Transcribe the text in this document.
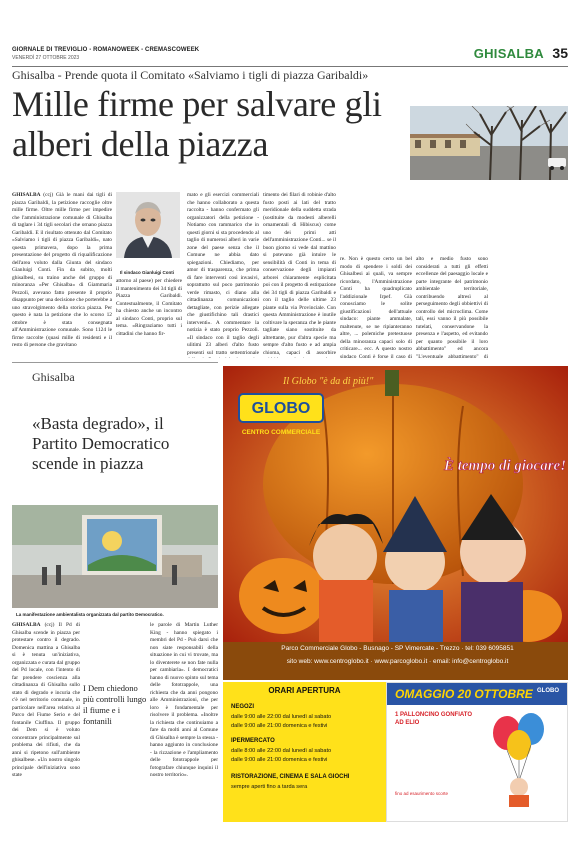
GIORNALE DI TREVIGLIO - ROMANOWEEK - CREMASCOWEEK
VENERDÌ 27 OTTOBRE 2023	GHISALBA 35
Ghisalba - Prende quota il Comitato «Salviamo i tigli di piazza Garibaldi»
Mille firme per salvare gli alberi della piazza
Il sindaco Gianluigi Conti
GHISALBA (ccj) Già le mani dai tigli di piazza Garibaldi, la petizione raccoglie oltre mille firme. Oltre mille firme per impedire che l'amministrazione comunale di Ghisalba di taglare i 34 tigli secolari che ornano piazza Garibaldi. E il risultato ottenuto dal Comitato «Salviamo i tigli di piazza Garibaldi», nato questa primavera, dopo la prima presentazione del progetto di riqualificazione dell'area voluto dalla Giunta del sindaco Gianluigi Conti. Fin da subito, molti ghisalbesi, su traino anche del gruppo di minoranza «Per Ghisalba» di Giammaria Pezzoli, avevano fatto presente il proprio disappunto per una decisione che porterebbe a uno stravolgimento della storica piazza. Per questo è nata la petizione che lo scorso 12 ottobre è stata consegnata all'Amministrazione comunale. Sono 1124 le firme raccolte (quasi mille di residenti e il resto di persone che gravitano
attorno al paese) per chiedere il mantenimento dei 34 tigli di Piazza Garibaldi. Contestualmente, il Comitato ha chiesto anche un incontro al sindaco Conti, proprio sul tema. «Ringraziamo tutti i cittadini che hanno fir-
mato e gli esercizi commerciali che hanno collaborato a questa raccolta - hanno confermato gli organizzatori della petizione - Notiamo con rammarico che in questi giorni si sta procedendo al taglio di numerosi alberi in varie zone del paese senza che il Comune ne abbia dato spiegazioni. Chiediamo, per amor di trasparenza, che prima di fare interventi così invasivi, soprattutto sul poco patrimonio verde rimasto, ci diano alla cittadinanza comunicazioni dettagliate, con perizie allegate che giustifichino tali drastici interventi». A commentare la notizia è stato proprio Pezzoli. «Il sindaco con il taglio degli ulitimi 23 alberi d'alto fusto presenti sul tratto settentrionale
timento dei filari di robinie d'alto fusto posti ai lati del tratto meridionale della suddetta strada (sostituite da modesti alberelli ornamentali di Hibiscus) come uno dei primi atti dell'amministrazione Conti... se il buon giorno si vede dal mattino si potevano già intuire le sensibilità di Conti in tema di conservazione degli impianti arborei chiaramente esplicitata poi con il progetto di estirpazione dei 34 tigli di piazza Garibaldi e con il taglio delle ultime 23 piante sulla via Provinciale. Con questa Amministrazione è inutile coltivare la speranza che le piante tagliate siano sostituite da altrettante, pur d'altra specie ma sempre d'alto fusto e ad ampia chioma, capaci di assorbire
re. Non è questo certo un bel modo di spendere i soldi dei Ghisalbesi ai quali, va sempre ricordato, l'Amministrazione Conti ha quadruplicato l'addizionale Irpef. Già conosciamo le solite giustificazioni dell'attuale sindaco: piante ammalate, maltenute, se ne ripianteranno altre, ... polemiche pretestuose della minoranza capaci solo di criticare... ecc. A questo nostro sindaco Conti è forse il caso di
alto e medio fusto sono considerati a tutti gli effetti eccellenze del paesaggio locale e parte integrante del patrimonio ambientale territoriale, contribuendo altresì al perseguimento degli obbiettivi di controllo del microclima. Come tali, essi vanno il più possibile tutelati, conservandone la presenza e l'aspetto, ed evitando per quanto possibile il loro abbattimento" ed ancora "L'eventuale abbattimento" di
Ghisalba
«Basta degrado», il Partito Democratico scende in piazza
La manifestazione ambientalista organizzata dal partito Democratico.
GHISALBA (ccj) Il Pd di Ghisalba scende in piazza per protestare contro il degrado. Domenica mattina a Ghisalba si è tenuta un'iniziativa, organizzata e curata dal gruppo del Pd locale, con l'intento di far prendere coscienza alla cittadinanza di Ghisalba sullo stato di degrado e incuria che c'è nel territorio comunale, in particolare nell'area relativa al Parco del Fiume Serio e del fontanile Ciuffina. Il gruppo dei Dem si è voluto concentrare principalmente sul problema dei rifiuti, che da anni si ripetono sull'ambiente ghisalbese. «Un nostro singolo principale dell'iniziativa sono state
I Dem chiedono più controlli lungo il fiume e i fontanili
le parole di Martin Luther King - hanno spiegato i membri del Pd - Può darsi che non siate responsabili della situazione in cui vi trovate, ma lo diventerete se non fate nulla per cambiarla». I democratici hanno di nuovo spinto sul tema delle fototrappole, una richiesta che da anni pongono alle Amministrazioni, che per loro è fondamentale per risolvere il problema. «Inoltre la richiesta che continuiamo a fare da molti anni al Comune di Ghisalba è sempre la stessa - hanno aggiunto in conclusione - la rizzazione e l'ampliamento delle fototrappole per fotografare chiunque inquini il nostro territorio».
Il Globo "è da di più!"
GLOBO
CENTRO COMMERCIALE
È tempo di giocare!
Parco Commerciale Globo - Busnago - SP Vimercate - Trezzo · tel: 039 6095851
sito web: www.centroglobo.it · www.parcoglobo.it · email: info@centroglobo.it
ORARI APERTURA
NEGOZI
dalle 9:00 alle 22:00 dal lunedì al sabato
dalle 9:00 alle 21:00 domenica e festivi
IPERMERCATO
dalle 8:00 alle 22:00 dal lunedì al sabato
dalle 9:00 alle 21:00 domenica e festivi
RISTORAZIONE, CINEMA E SALA GIOCHI
sempre aperti fino a tarda sera
OMAGGIO 20 OTTOBRE GLOBO
1 PALLONCINO GONFIATO AD ELIO
fino ad esaurimento scorte
